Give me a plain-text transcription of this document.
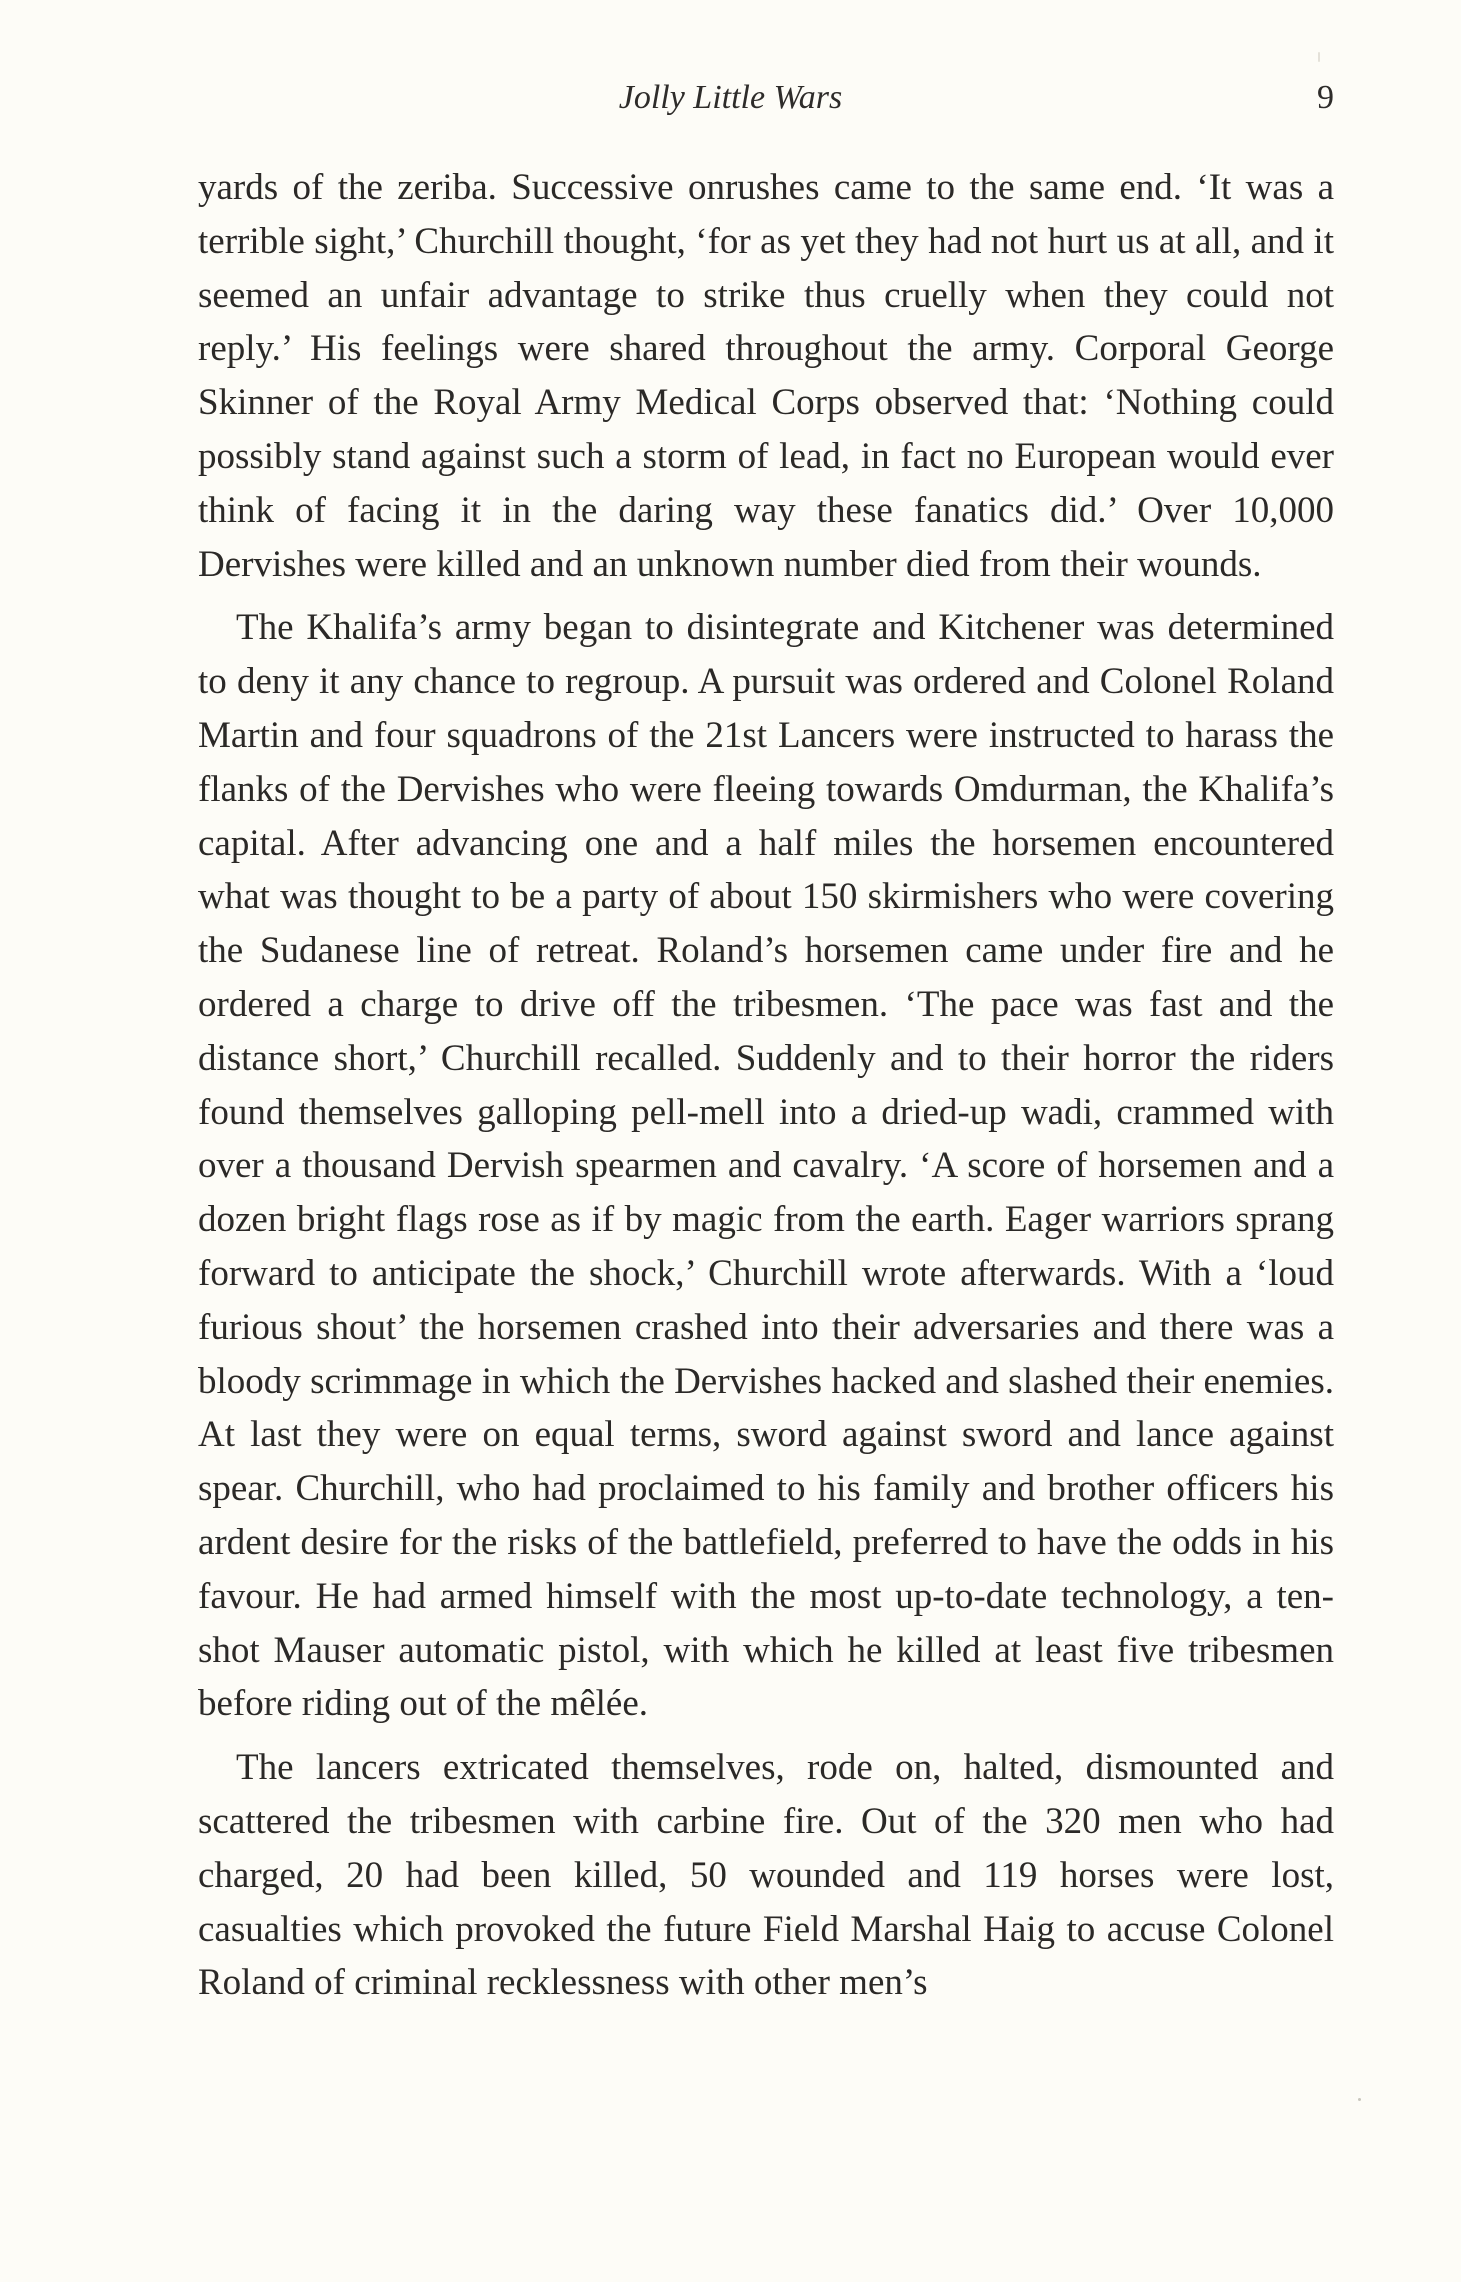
Jolly Little Wars	9

yards of the zeriba. Successive onrushes came to the same end. ‘It was a terrible sight,’ Churchill thought, ‘for as yet they had not hurt us at all, and it seemed an unfair advantage to strike thus cruelly when they could not reply.’ His feelings were shared throughout the army. Corporal George Skinner of the Royal Army Medical Corps observed that: ‘Nothing could possibly stand against such a storm of lead, in fact no European would ever think of facing it in the daring way these fanatics did.’ Over 10,000 Dervishes were killed and an unknown number died from their wounds.

The Khalifa’s army began to disintegrate and Kitchener was determined to deny it any chance to regroup. A pursuit was ordered and Colonel Roland Martin and four squadrons of the 21st Lancers were instructed to harass the flanks of the Dervishes who were fleeing towards Omdurman, the Khalifa’s capital. After advancing one and a half miles the horsemen encountered what was thought to be a party of about 150 skirmishers who were covering the Sudanese line of retreat. Roland’s horsemen came under fire and he ordered a charge to drive off the tribesmen. ‘The pace was fast and the distance short,’ Churchill recalled. Suddenly and to their horror the riders found themselves galloping pell-mell into a dried-up wadi, crammed with over a thousand Dervish spearmen and cavalry. ‘A score of horsemen and a dozen bright flags rose as if by magic from the earth. Eager warriors sprang forward to anticipate the shock,’ Churchill wrote afterwards. With a ‘loud furious shout’ the horsemen crashed into their adversaries and there was a bloody scrimmage in which the Dervishes hacked and slashed their enemies. At last they were on equal terms, sword against sword and lance against spear. Churchill, who had proclaimed to his family and brother officers his ardent desire for the risks of the battlefield, preferred to have the odds in his favour. He had armed himself with the most up-to-date technology, a ten-shot Mauser automatic pistol, with which he killed at least five tribesmen before riding out of the mêlée.

The lancers extricated themselves, rode on, halted, dismounted and scattered the tribesmen with carbine fire. Out of the 320 men who had charged, 20 had been killed, 50 wounded and 119 horses were lost, casualties which provoked the future Field Marshal Haig to accuse Colonel Roland of criminal recklessness with other men’s
